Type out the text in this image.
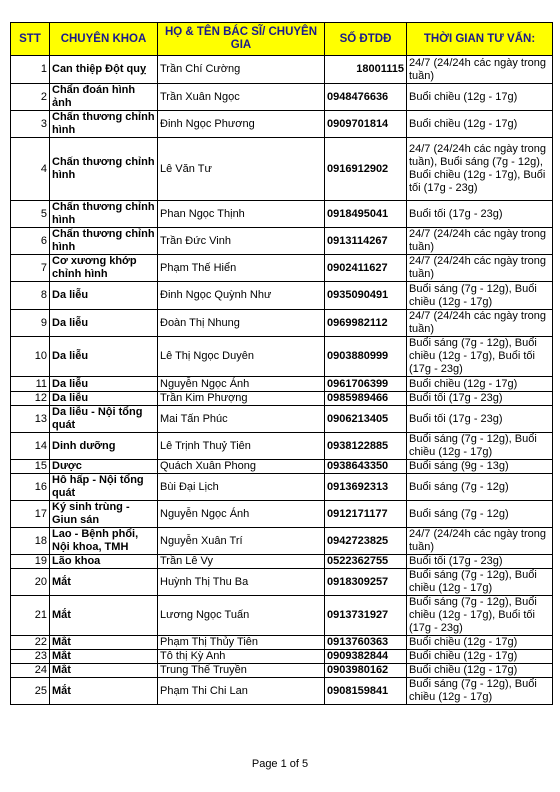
STT	CHUYÊN KHOA	HỌ & TÊN BÁC SĨ/ CHUYÊN GIA	SỐ ĐTDĐ	THỜI GIAN TƯ VẤN:
1	Can thiệp Đột quỵ	Trần Chí Cường	18001115	24/7 (24/24h các ngày trong tuần)
2	Chẩn đoán hình ảnh	Trần Xuân Ngọc	0948476636	Buổi chiều (12g - 17g)
3	Chấn thương chỉnh hình	Đinh Ngọc Phương	0909701814	Buổi chiều (12g - 17g)
4	Chấn thương chỉnh hình	Lê Văn Tư	0916912902	24/7 (24/24h các ngày trong tuần), Buổi sáng (7g - 12g), Buổi chiều (12g - 17g), Buổi tối (17g - 23g)
5	Chấn thương chỉnh hình	Phan Ngọc Thịnh	0918495041	Buổi tối (17g - 23g)
6	Chấn thương chỉnh hình	Trần Đức Vinh	0913114267	24/7 (24/24h các ngày trong tuần)
7	Cơ xương khớp chỉnh hình	Phạm Thế Hiển	0902411627	24/7 (24/24h các ngày trong tuần)
8	Da liễu	Đinh Ngọc Quỳnh Như	0935090491	Buổi sáng (7g - 12g), Buổi chiều (12g - 17g)
9	Da liễu	Đoàn Thị Nhung	0969982112	24/7 (24/24h các ngày trong tuần)
10	Da liễu	Lê Thị Ngọc Duyên	0903880999	Buổi sáng (7g - 12g), Buổi chiều (12g - 17g), Buổi tối (17g - 23g)
11	Da liễu	Nguyễn Ngọc Ánh	0961706399	Buổi chiều (12g - 17g)
12	Da liễu	Trần Kim Phượng	0985989466	Buổi tối (17g - 23g)
13	Da liễu - Nội tổng quát	Mai Tấn Phúc	0906213405	Buổi tối (17g - 23g)
14	Dinh dưỡng	Lê Trịnh Thuỷ Tiên	0938122885	Buổi sáng (7g - 12g), Buổi chiều (12g - 17g)
15	Dược	Quách Xuân Phong	0938643350	Buổi sáng (9g - 13g)
16	Hô hấp - Nội tổng quát	Bùi Đại Lịch	0913692313	Buổi sáng (7g - 12g)
17	Ký sinh trùng - Giun sán	Nguyễn Ngọc Ánh	0912171177	Buổi sáng (7g - 12g)
18	Lao - Bệnh phổi, Nội khoa, TMH	Nguyễn Xuân Trí	0942723825	24/7 (24/24h các ngày trong tuần)
19	Lão khoa	Trần Lê Vy	0522362755	Buổi tối (17g - 23g)
20	Mắt	Huỳnh Thị Thu Ba	0918309257	Buổi sáng (7g - 12g), Buổi chiều (12g - 17g)
21	Mắt	Lương Ngọc Tuấn	0913731927	Buổi sáng (7g - 12g), Buổi chiều (12g - 17g), Buổi tối (17g - 23g)
22	Mắt	Phạm Thị Thủy Tiên	0913760363	Buổi chiều (12g - 17g)
23	Mắt	Tô thị Kỳ Anh	0909382844	Buổi chiều (12g - 17g)
24	Mắt	Trung Thế Truyền	0903980162	Buổi chiều (12g - 17g)
25	Mắt	Phạm Thi Chi Lan	0908159841	Buổi sáng (7g - 12g), Buổi chiều (12g - 17g)
Page 1 of 5
